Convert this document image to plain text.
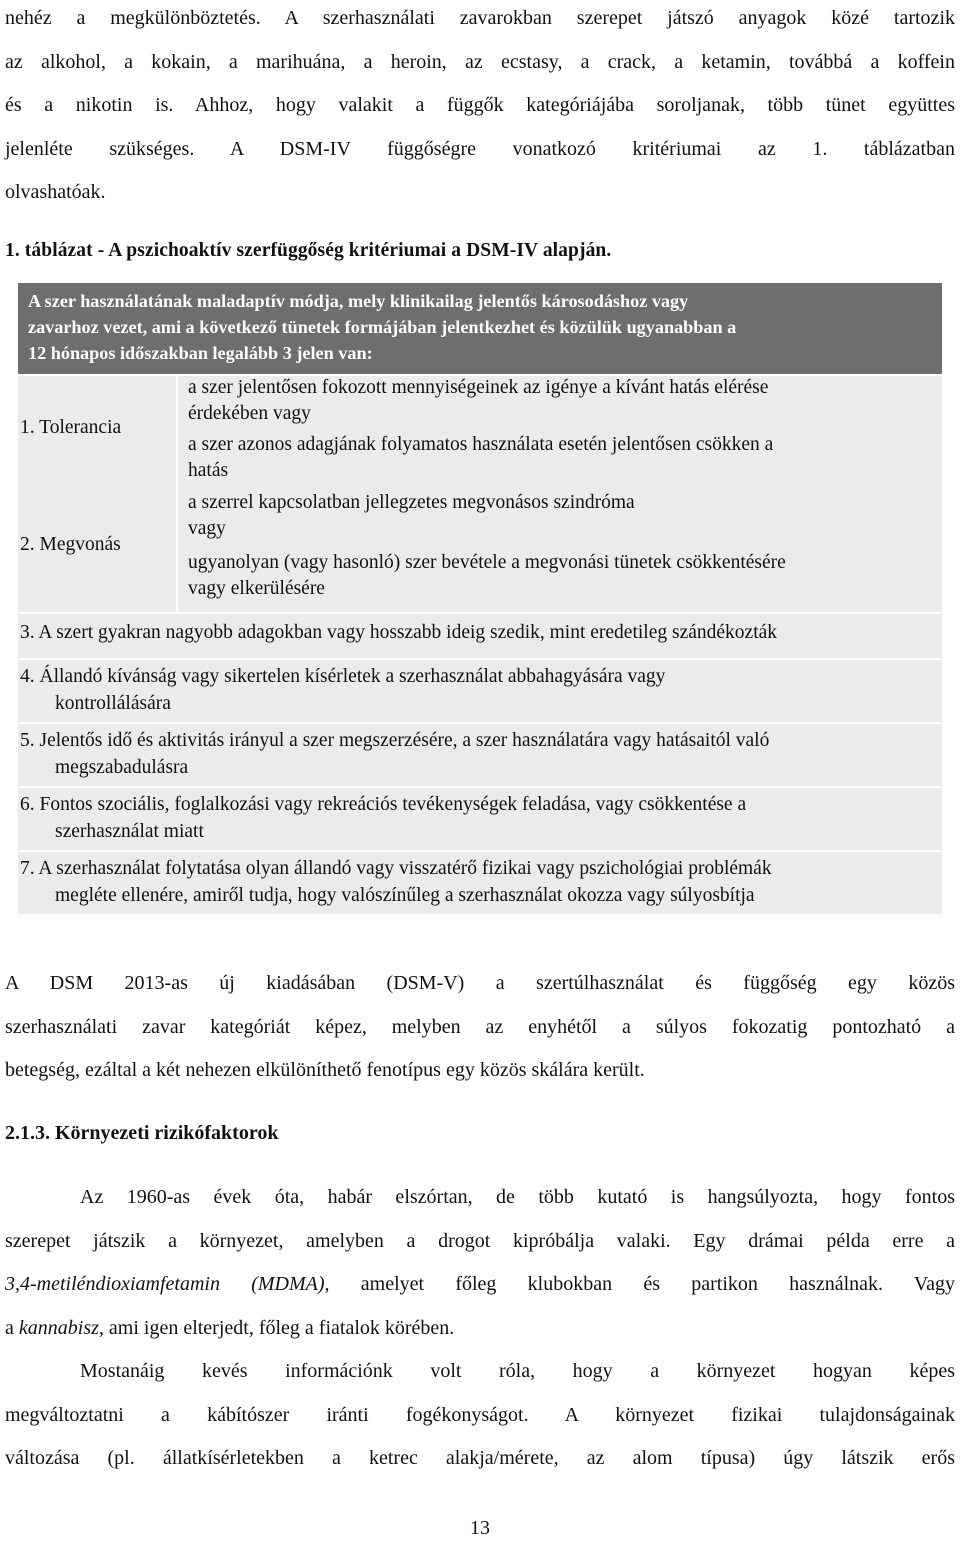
nehéz a megkülönböztetés. A szerhasználati zavarokban szerepet játszó anyagok közé tartozik

az alkohol, a kokain, a marihuána, a heroin, az ecstasy, a crack, a ketamin, továbbá a koffein

és a nikotin is. Ahhoz, hogy valakit a függők kategóriájába soroljanak, több tünet együttes

jelenléte szükséges. A DSM-IV függőségre vonatkozó kritériumai az 1. táblázatban

olvashatóak.

1. táblázat - A pszichoaktív szerfüggőség kritériumai a DSM-IV alapján.
A szer használatának maladaptív módja, mely klinikailag jelentős károsodáshoz vagy
zavarhoz vezet, ami a következő tünetek formájában jelentkezhet és közülük ugyanabban a
12 hónapos időszakban legalább 3 jelen van:
1. Tolerancia
2. Megvonás
a szer jelentősen fokozott mennyiségeinek az igénye a kívánt hatás elérése
érdekében vagy
a szer azonos adagjának folyamatos használata esetén jelentősen csökken a
hatás
a szerrel kapcsolatban jellegzetes megvonásos szindróma
vagy
ugyanolyan (vagy hasonló) szer bevétele a megvonási tünetek csökkentésére
vagy elkerülésére
3. A szert gyakran nagyobb adagokban vagy hosszabb ideig szedik, mint eredetileg szándékozták
4. Állandó kívánság vagy sikertelen kísérletek a szerhasználat abbahagyására vagy
kontrollálására
5. Jelentős idő és aktivitás irányul a szer megszerzésére, a szer használatára vagy hatásaitól való
megszabadulásra
6. Fontos szociális, foglalkozási vagy rekreációs tevékenységek feladása, vagy csökkentése a
szerhasználat miatt
7. A szerhasználat folytatása olyan állandó vagy visszatérő fizikai vagy pszichológiai problémák
megléte ellenére, amiről tudja, hogy valószínűleg a szerhasználat okozza vagy súlyosbítja

A DSM 2013-as új kiadásában (DSM-V) a szertúlhasználat és függőség egy közös

szerhasználati zavar kategóriát képez, melyben az enyhétől a súlyos fokozatig pontozható a

betegség, ezáltal a két nehezen elkülöníthető fenotípus egy közös skálára került.

2.1.3. Környezeti rizikófaktorok

Az 1960-as évek óta, habár elszórtan, de több kutató is hangsúlyozta, hogy fontos

szerepet játszik a környezet, amelyben a drogot kipróbálja valaki. Egy drámai példa erre a

3,4-metiléndioxiamfetamin (MDMA), amelyet főleg klubokban és partikon használnak. Vagy

a kannabisz, ami igen elterjedt, főleg a fiatalok körében.

Mostanáig kevés információnk volt róla, hogy a környezet hogyan képes

megváltoztatni a kábítószer iránti fogékonyságot. A környezet fizikai tulajdonságainak

változása (pl. állatkísérletekben a ketrec alakja/mérete, az alom típusa) úgy látszik erős

13
